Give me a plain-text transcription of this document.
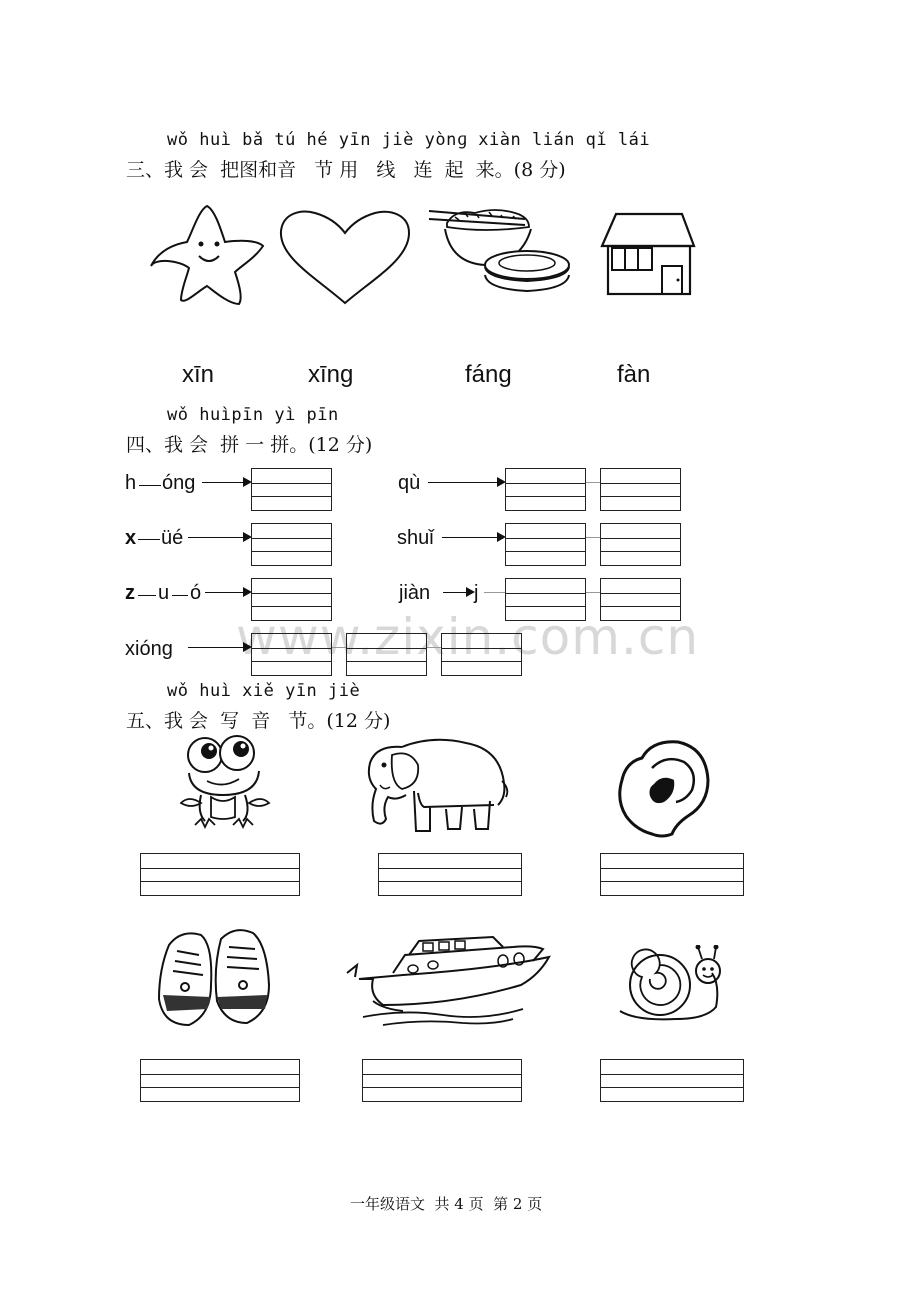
wǒ huì bǎ tú hé yīn jiè yònɡ xiàn lián qǐ lái
三、我 会  把图和音   节 用   线   连  起  来。(8 分)
xīn	xīng	fáng	fàn
wǒ huìpīn yì pīn
四、我 会  拼 一 拼。(12 分)
h óng	qù
x üé	shuǐ
z u ó	jiàn j
www.zixin.com.cn
xióng
wǒ huì xiě yīn jiè
五、我 会  写  音   节。(12 分)
一年级语文  共 4 页  第 2 页
